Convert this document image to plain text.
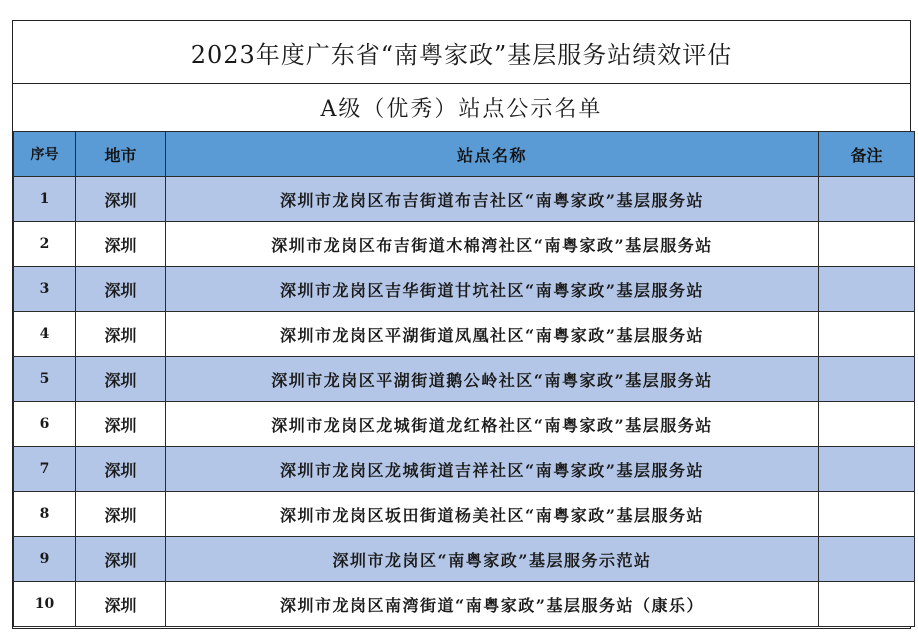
2023年度广东省“南粤家政”基层服务站绩效评估
A级（优秀）站点公示名单
序号	地市	站点名称	备注
1	深圳	深圳市龙岗区布吉街道布吉社区“南粤家政”基层服务站	
2	深圳	深圳市龙岗区布吉街道木棉湾社区“南粤家政”基层服务站	
3	深圳	深圳市龙岗区吉华街道甘坑社区“南粤家政”基层服务站	
4	深圳	深圳市龙岗区平湖街道凤凰社区“南粤家政”基层服务站	
5	深圳	深圳市龙岗区平湖街道鹅公岭社区“南粤家政”基层服务站	
6	深圳	深圳市龙岗区龙城街道龙红格社区“南粤家政”基层服务站	
7	深圳	深圳市龙岗区龙城街道吉祥社区“南粤家政”基层服务站	
8	深圳	深圳市龙岗区坂田街道杨美社区“南粤家政”基层服务站	
9	深圳	深圳市龙岗区“南粤家政”基层服务示范站	
10	深圳	深圳市龙岗区南湾街道“南粤家政”基层服务站（康乐）	
